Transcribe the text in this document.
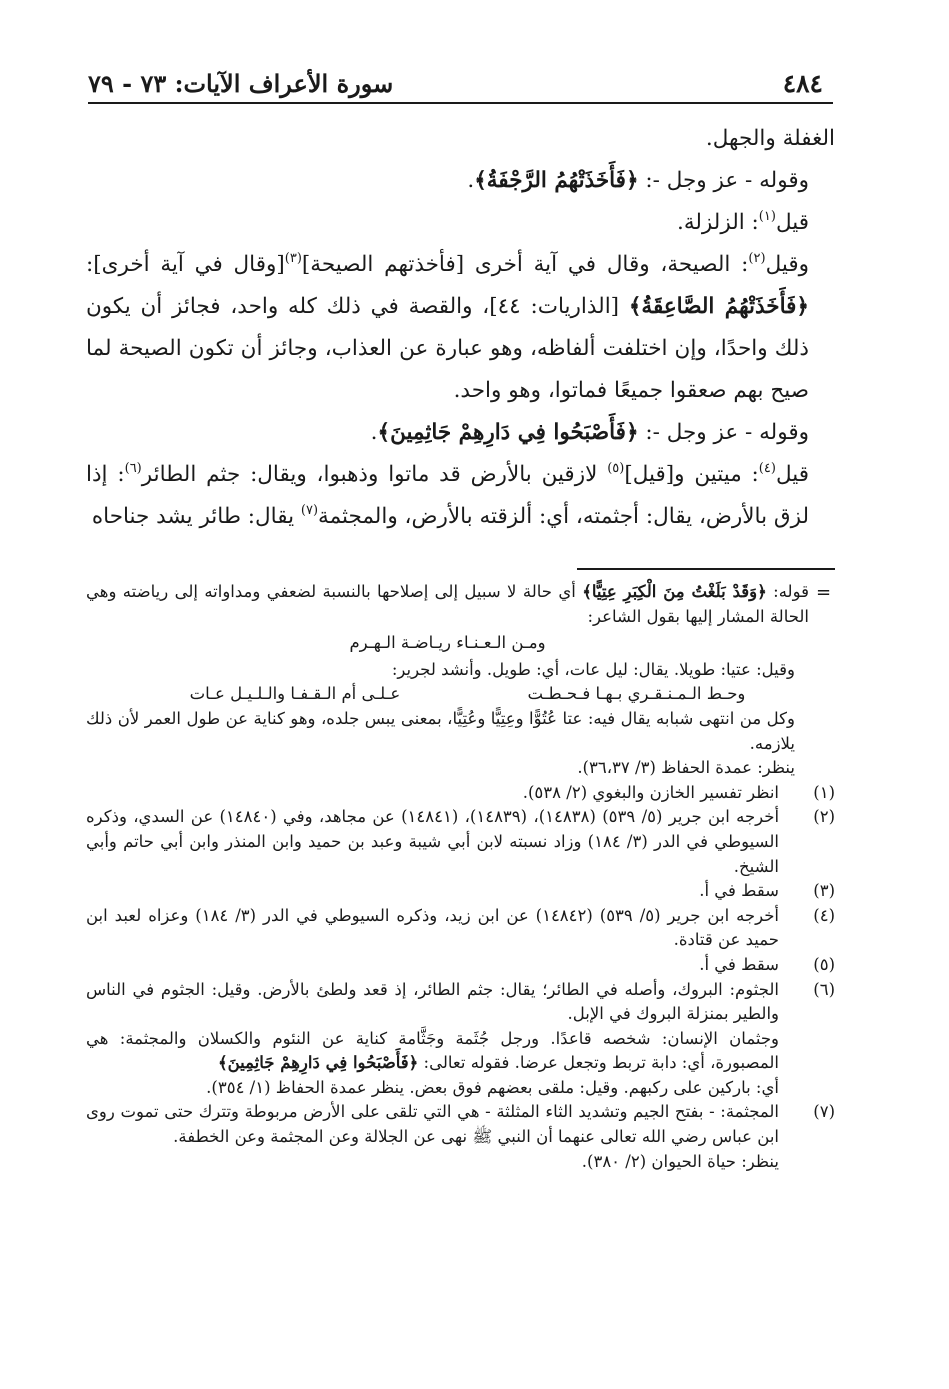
٤٨٤
سورة الأعراف الآيات: ٧٣ - ٧٩

الغفلة والجهل.

وقوله - عز وجل -: ﴿فَأَخَذَتْهُمُ الرَّجْفَةُ﴾.

قيل$^{(١)}$: الزلزلة.

وقيل$^{(٢)}$: الصيحة، وقال في آية أخرى [فأخذتهم الصيحة]$^{(٣)}$[وقال في آية أخرى]: ﴿فَأَخَذَتْهُمُ الصَّاعِقَةُ﴾ [الذاريات: ٤٤]، والقصة في ذلك كله واحد، فجائز أن يكون ذلك واحدًا، وإن اختلفت ألفاظه، وهو عبارة عن العذاب، وجائز أن تكون الصيحة لما صيح بهم صعقوا جميعًا فماتوا، وهو واحد.

وقوله - عز وجل -: ﴿فَأَصْبَحُوا فِي دَارِهِمْ جَاثِمِينَ﴾.

قيل$^{(٤)}$: ميتين و[قيل]$^{(٥)}$ لازقين بالأرض قد ماتوا وذهبوا، ويقال: جثم الطائر$^{(٦)}$: إذا لزق بالأرض، يقال: أجثمته، أي: ألزقته بالأرض، والمجثمة$^{(٧)}$ يقال: طائر يشد جناحاه

=

قوله: ﴿وَقَدْ بَلَغْتُ مِنَ الْكِبَرِ عِتِيًّا﴾ أي حالة لا سبيل إلى إصلاحها بالنسبة لضعفي ومداواته إلى رياضته وهي الحالة المشار إليها بقول الشاعر:

ومـن الـعـنـاء ريـاضـة الـهـرم

وقيل: عتيا: طويلا. يقال: ليل عات، أي: طويل. وأنشد لجرير:

وحـط الـمـنـقـري بـهـا فـحـطـت
عـلـى أم الـقـفـا والـلـيـل عـات

وكل من انتهى شبابه يقال فيه: عتا عُتُوًّا وعِتِيًّا وعُتِيًّا، بمعنى يبس جلده، وهو كناية عن طول العمر لأن ذلك يلازمه.

ينظر: عمدة الحفاظ (٣/ ٣٦،٣٧).

(١)
انظر تفسير الخازن والبغوي (٢/ ٥٣٨).
(٢)
أخرجه ابن جرير (٥/ ٥٣٩) (١٤٨٣٨)، (١٤٨٣٩)، (١٤٨٤١) عن مجاهد، وفي (١٤٨٤٠) عن السدي، وذكره السيوطي في الدر (٣/ ١٨٤) وزاد نسبته لابن أبي شيبة وعبد بن حميد وابن المنذر وابن أبي حاتم وأبي الشيخ.
(٣)
سقط في أ.
(٤)
أخرجه ابن جرير (٥/ ٥٣٩) (١٤٨٤٢) عن ابن زيد، وذكره السيوطي في الدر (٣/ ١٨٤) وعزاه لعبد ابن حميد عن قتادة.
(٥)
سقط في أ.
(٦)
الجثوم: البروك، وأصله في الطائر؛ يقال: جثم الطائر، إذ قعد ولطئ بالأرض. وقيل: الجثوم في الناس والطير بمنزلة البروك في الإبل.

وجثمان الإنسان: شخصه قاعدًا. ورجل جُثَمة وجَثَّامة كناية عن النئوم والكسلان والمجثمة: هي المصبورة، أي: دابة تربط وتجعل عرضا. فقوله تعالى: ﴿فَأَصْبَحُوا فِي دَارِهِمْ جَاثِمِينَ﴾

أي: باركين على ركبهم. وقيل: ملقى بعضهم فوق بعض. ينظر عمدة الحفاظ (١/ ٣٥٤).

(٧)
المجثمة: - بفتح الجيم وتشديد الثاء المثلثة - هي التي تلقى على الأرض مربوطة وتترك حتى تموت روى ابن عباس رضي الله تعالى عنهما أن النبي ﷺ نهى عن الجلالة وعن المجثمة وعن الخطفة.

ينظر: حياة الحيوان (٢/ ٣٨٠).
